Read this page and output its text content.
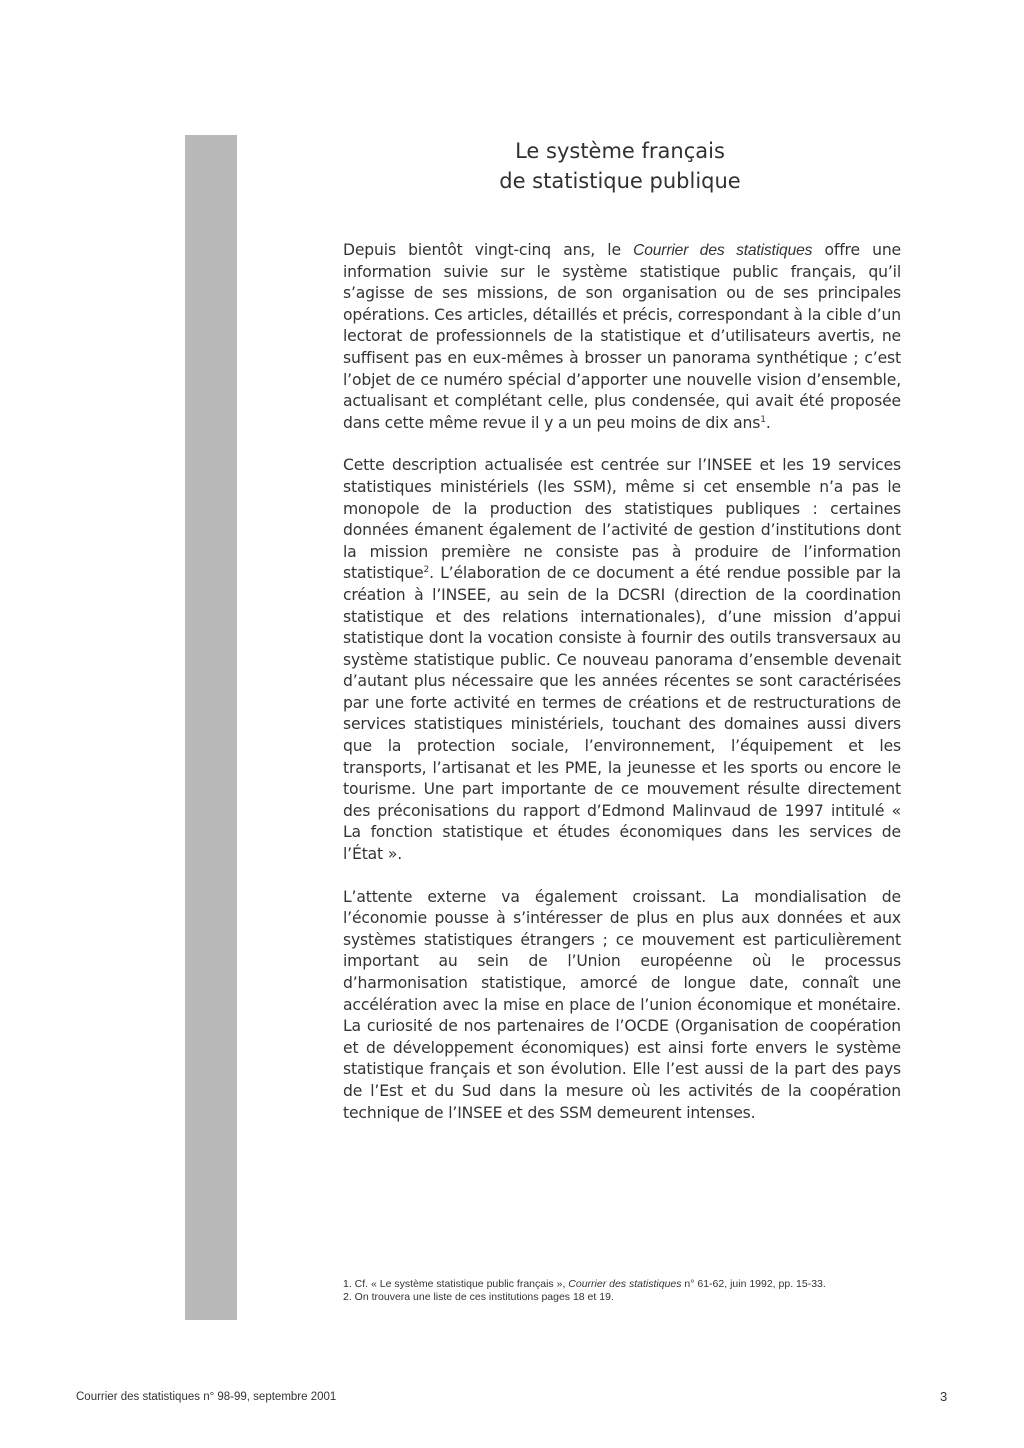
Le système français
de statistique publique

Depuis bientôt vingt-cinq ans, le Courrier des statistiques offre une information suivie sur le système statistique public français, qu’il s’agisse de ses missions, de son organisation ou de ses principales opérations. Ces articles, détaillés et précis, correspondant à la cible d’un lectorat de professionnels de la statistique et d’utilisateurs avertis, ne suffisent pas en eux-mêmes à brosser un panorama synthétique ; c’est l’objet de ce numéro spécial d’apporter une nouvelle vision d’ensemble, actualisant et complétant celle, plus condensée, qui avait été proposée dans cette même revue il y a un peu moins de dix ans$^1$.

Cette description actualisée est centrée sur l’INSEE et les 19 services statistiques ministériels (les SSM), même si cet ensemble n’a pas le monopole de la production des statistiques publiques : certaines données émanent également de l’activité de gestion d’institutions dont la mission première ne consiste pas à produire de l’information statistique$^2$. L’élaboration de ce document a été rendue possible par la création à l’INSEE, au sein de la DCSRI (direction de la coordination statistique et des relations internationales), d’une mission d’appui statistique dont la vocation consiste à fournir des outils transversaux au système statistique public. Ce nouveau panorama d’ensemble devenait d’autant plus nécessaire que les années récentes se sont caractérisées par une forte activité en termes de créations et de restructurations de services statistiques ministériels, touchant des domaines aussi divers que la protection sociale, l’environnement, l’équipement et les transports, l’artisanat et les PME, la jeunesse et les sports ou encore le tourisme. Une part importante de ce mouvement résulte directement des préconisations du rapport d’Edmond Malinvaud de 1997 intitulé « La fonction statistique et études économiques dans les services de l’État ».

L’attente externe va également croissant. La mondialisation de l’économie pousse à s’intéresser de plus en plus aux données et aux systèmes statistiques étrangers ; ce mouvement est particulièrement important au sein de l’Union européenne où le processus d’harmonisation statistique, amorcé de longue date, connaît une accélération avec la mise en place de l’union économique et monétaire. La curiosité de nos partenaires de l’OCDE (Organisation de coopération et de développement économiques) est ainsi forte envers le système statistique français et son évolution. Elle l’est aussi de la part des pays de l’Est et du Sud dans la mesure où les activités de la coopération technique de l’INSEE et des SSM demeurent intenses.

1. Cf. « Le système statistique public français », Courrier des statistiques n° 61-62, juin 1992, pp. 15-33.
2. On trouvera une liste de ces institutions pages 18 et 19.
Courrier des statistiques n° 98-99, septembre 2001	3
